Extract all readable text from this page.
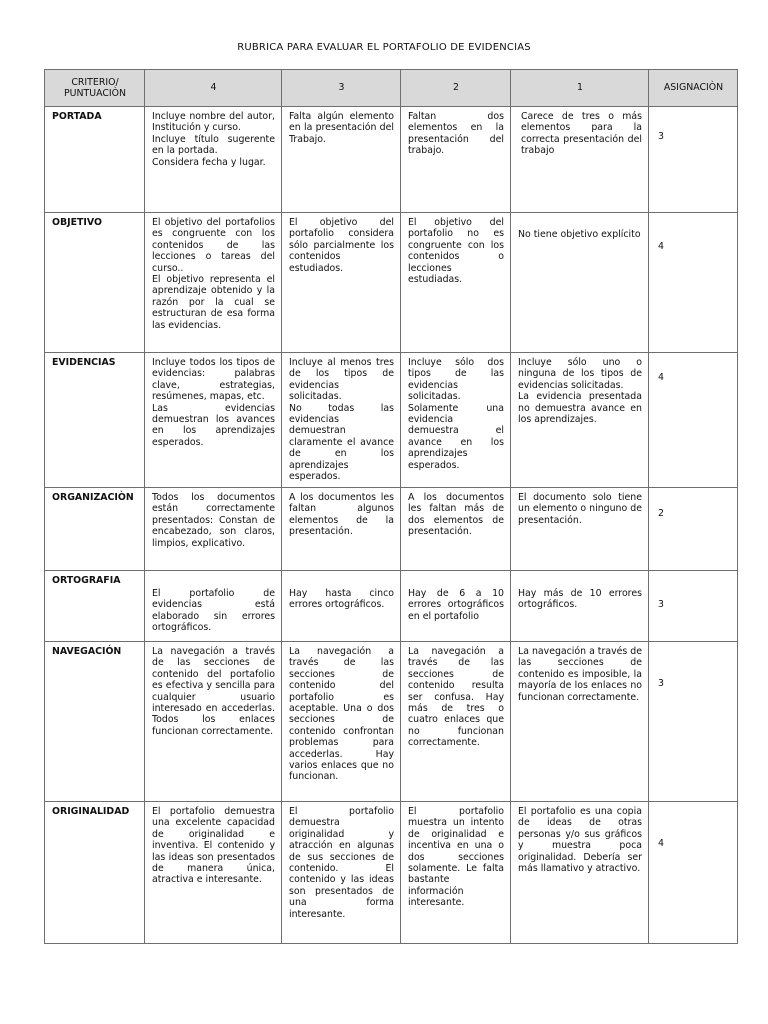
RUBRICA PARA EVALUAR EL PORTAFOLIO DE EVIDENCIAS
CRITERIO/
PUNTUACIÒN	4	3	2	1	ASIGNACIÒN
PORTADA	Incluye nombre del autor, Institución y curso.
Incluye título sugerente en la portada.
Considera fecha y lugar.	Falta algún elemento en la presentación del Trabajo.	Faltan dos elementos en la presentación del trabajo.	Carece de tres o más elementos para la correcta presentación del trabajo	3
OBJETIVO	El objetivo del portafolios es congruente con los contenidos de las lecciones o tareas del curso..
El objetivo representa el aprendizaje obtenido y la razón por la cual se estructuran de esa forma las evidencias.	El objetivo del portafolio considera sólo parcialmente los contenidos estudiados.	El objetivo del portafolio no es congruente con los contenidos o lecciones estudiadas.	No tiene objetivo explícito	4
EVIDENCIAS	Incluye todos los tipos de evidencias: palabras clave, estrategias, resúmenes, mapas, etc.
Las evidencias demuestran los avances en los aprendizajes esperados.	Incluye al menos tres de los tipos de evidencias solicitadas.
No todas las evidencias demuestran claramente el avance de en los aprendizajes esperados.	Incluye sólo dos tipos de las evidencias solicitadas. Solamente una evidencia demuestra el avance en los aprendizajes esperados.	Incluye sólo uno o ninguna de los tipos de evidencias solicitadas.
La evidencia presentada no demuestra avance en los aprendizajes.	4
ORGANIZACIÒN	Todos los documentos están correctamente presentados: Constan de encabezado, son claros, limpios, explicativo.	A los documentos les faltan algunos elementos de la presentación.	A los documentos les faltan más de dos elementos de presentación.	El documento solo tiene un elemento o ninguno de presentación.	2
ORTOGRAFIA	El portafolio de evidencias está elaborado sin errores ortográficos.	Hay hasta cinco errores ortográficos.	Hay de 6 a 10 errores ortográficos en el portafolio	Hay más de 10 errores ortográficos.	3
NAVEGACIÓN	La navegación a través de las secciones de contenido del portafolio es efectiva y sencilla para cualquier usuario interesado en accederlas. Todos los enlaces funcionan correctamente.	La navegación a través de las secciones de contenido del portafolio es aceptable. Una o dos secciones de contenido confrontan problemas para accederlas. Hay varios enlaces que no funcionan.	La navegación a través de las secciones de contenido resulta ser confusa. Hay más de tres o cuatro enlaces que no funcionan correctamente.	La navegación a través de las secciones de contenido es imposible, la mayoría de los enlaces no funcionan correctamente.	3
ORIGINALIDAD	El portafolio demuestra una excelente capacidad de originalidad e inventiva. El contenido y las ideas son presentados de manera única, atractiva e interesante.	El portafolio demuestra originalidad y atracción en algunas de sus secciones de contenido. El contenido y las ideas son presentados de una forma interesante.	El portafolio muestra un intento de originalidad e incentiva en una o dos secciones solamente. Le falta bastante información interesante.	El portafolio es una copia de ideas de otras personas y/o sus gráficos y muestra poca originalidad. Debería ser más llamativo y atractivo.	4
